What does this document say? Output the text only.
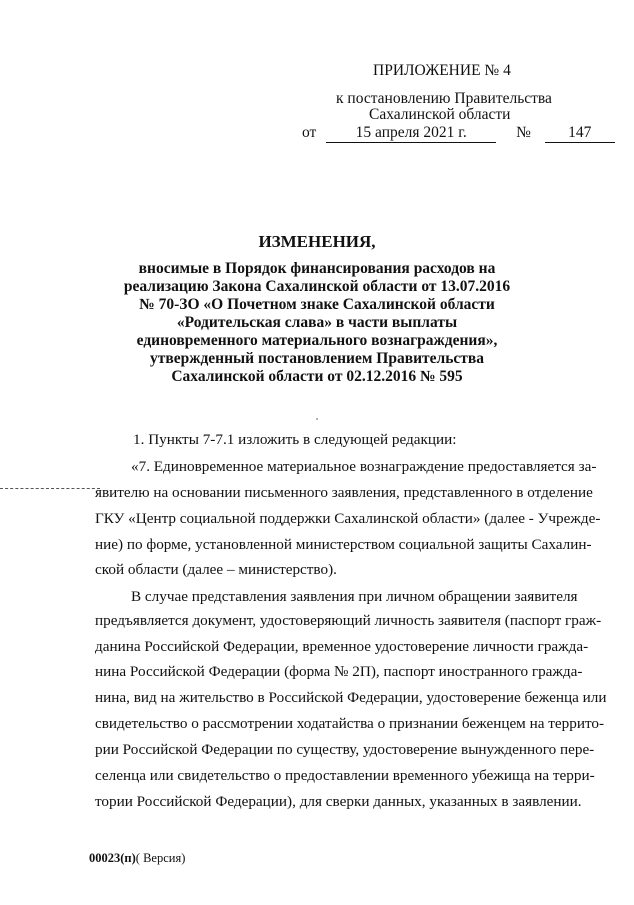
ПРИЛОЖЕНИЕ № 4
к постановлению Правительства
Сахалинской области
от	15 апреля 2021 г.	№ 147
ИЗМЕНЕНИЯ,
вносимые в Порядок финансирования расходов на
реализацию Закона Сахалинской области от 13.07.2016
№ 70-ЗО «О Почетном знаке Сахалинской области
«Родительская слава» в части выплаты
единовременного материального вознаграждения»,
утвержденный постановлением Правительства
Сахалинской области от 02.12.2016 № 595
1. Пункты 7-7.1 изложить в следующей редакции:
«7. Единовременное материальное вознаграждение предоставляется за-
явителю на основании письменного заявления, представленного в отделение
ГКУ «Центр социальной поддержки Сахалинской области» (далее - Учрежде-
ние) по форме, установленной министерством социальной защиты Сахалин-
ской области (далее – министерство).
В случае представления заявления при личном обращении заявителя
предъявляется документ, удостоверяющий личность заявителя (паспорт граж-
данина Российской Федерации, временное удостоверение личности гражда-
нина Российской Федерации (форма № 2П), паспорт иностранного гражда-
нина, вид на жительство в Российской Федерации, удостоверение беженца или
свидетельство о рассмотрении ходатайства о признании беженцем на террито-
рии Российской Федерации по существу, удостоверение вынужденного пере-
селенца или свидетельство о предоставлении временного убежища на терри-
тории Российской Федерации), для сверки данных, указанных в заявлении.
00023(п)( Версия)
